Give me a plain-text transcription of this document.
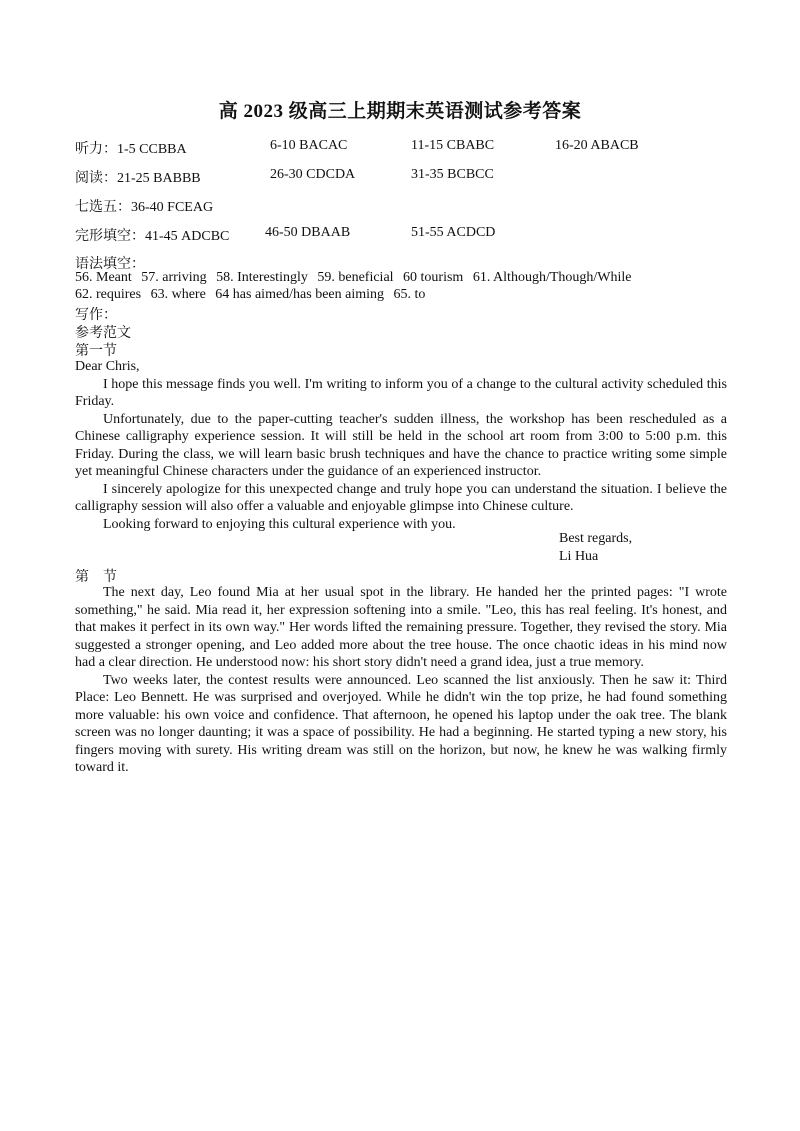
高 2023 级高三上期期末英语测试参考答案
听力：1-5 CCBBA	6-10 BACAC	11-15 CBABC	16-20 ABACB
阅读：21-25 BABBB	26-30 CDCDA	31-35 BCBCC
七选五：36-40 FCEAG
完形填空：41-45 ADCBC	46-50 DBAAB	51-55 ACDCD
语法填空：
56. Meant 57. arriving 58. Interestingly 59. beneficial 60 tourism 61. Although/Though/While
62. requires 63. where 64 has aimed/has been aiming 65. to
写作：
参考范文
第一节

Dear Chris,

I hope this message finds you well. I'm writing to inform you of a change to the cultural activity scheduled this Friday.

Unfortunately, due to the paper-cutting teacher's sudden illness, the workshop has been rescheduled as a Chinese calligraphy experience session. It will still be held in the school art room from 3:00 to 5:00 p.m. this Friday. During the class, we will learn basic brush techniques and have the chance to practice writing some simple yet meaningful Chinese characters under the guidance of an experienced instructor.

I sincerely apologize for this unexpected change and truly hope you can understand the situation. I believe the calligraphy session will also offer a valuable and enjoyable glimpse into Chinese culture.

Looking forward to enjoying this cultural experience with you.

Best regards,
Li Hua
第    节

The next day, Leo found Mia at her usual spot in the library. He handed her the printed pages: "I wrote something," he said. Mia read it, her expression softening into a smile. "Leo, this has real feeling. It's honest, and that makes it perfect in its own way." Her words lifted the remaining pressure. Together, they revised the story. Mia suggested a stronger opening, and Leo added more about the tree house. The once chaotic ideas in his mind now had a clear direction. He understood now: his short story didn't need a grand idea, just a true memory.

Two weeks later, the contest results were announced. Leo scanned the list anxiously. Then he saw it: Third Place: Leo Bennett. He was surprised and overjoyed. While he didn't win the top prize, he had found something more valuable: his own voice and confidence. That afternoon, he opened his laptop under the oak tree. The blank screen was no longer daunting; it was a space of possibility. He had a beginning. He started typing a new story, his fingers moving with surety. His writing dream was still on the horizon, but now, he knew he was walking firmly toward it.
